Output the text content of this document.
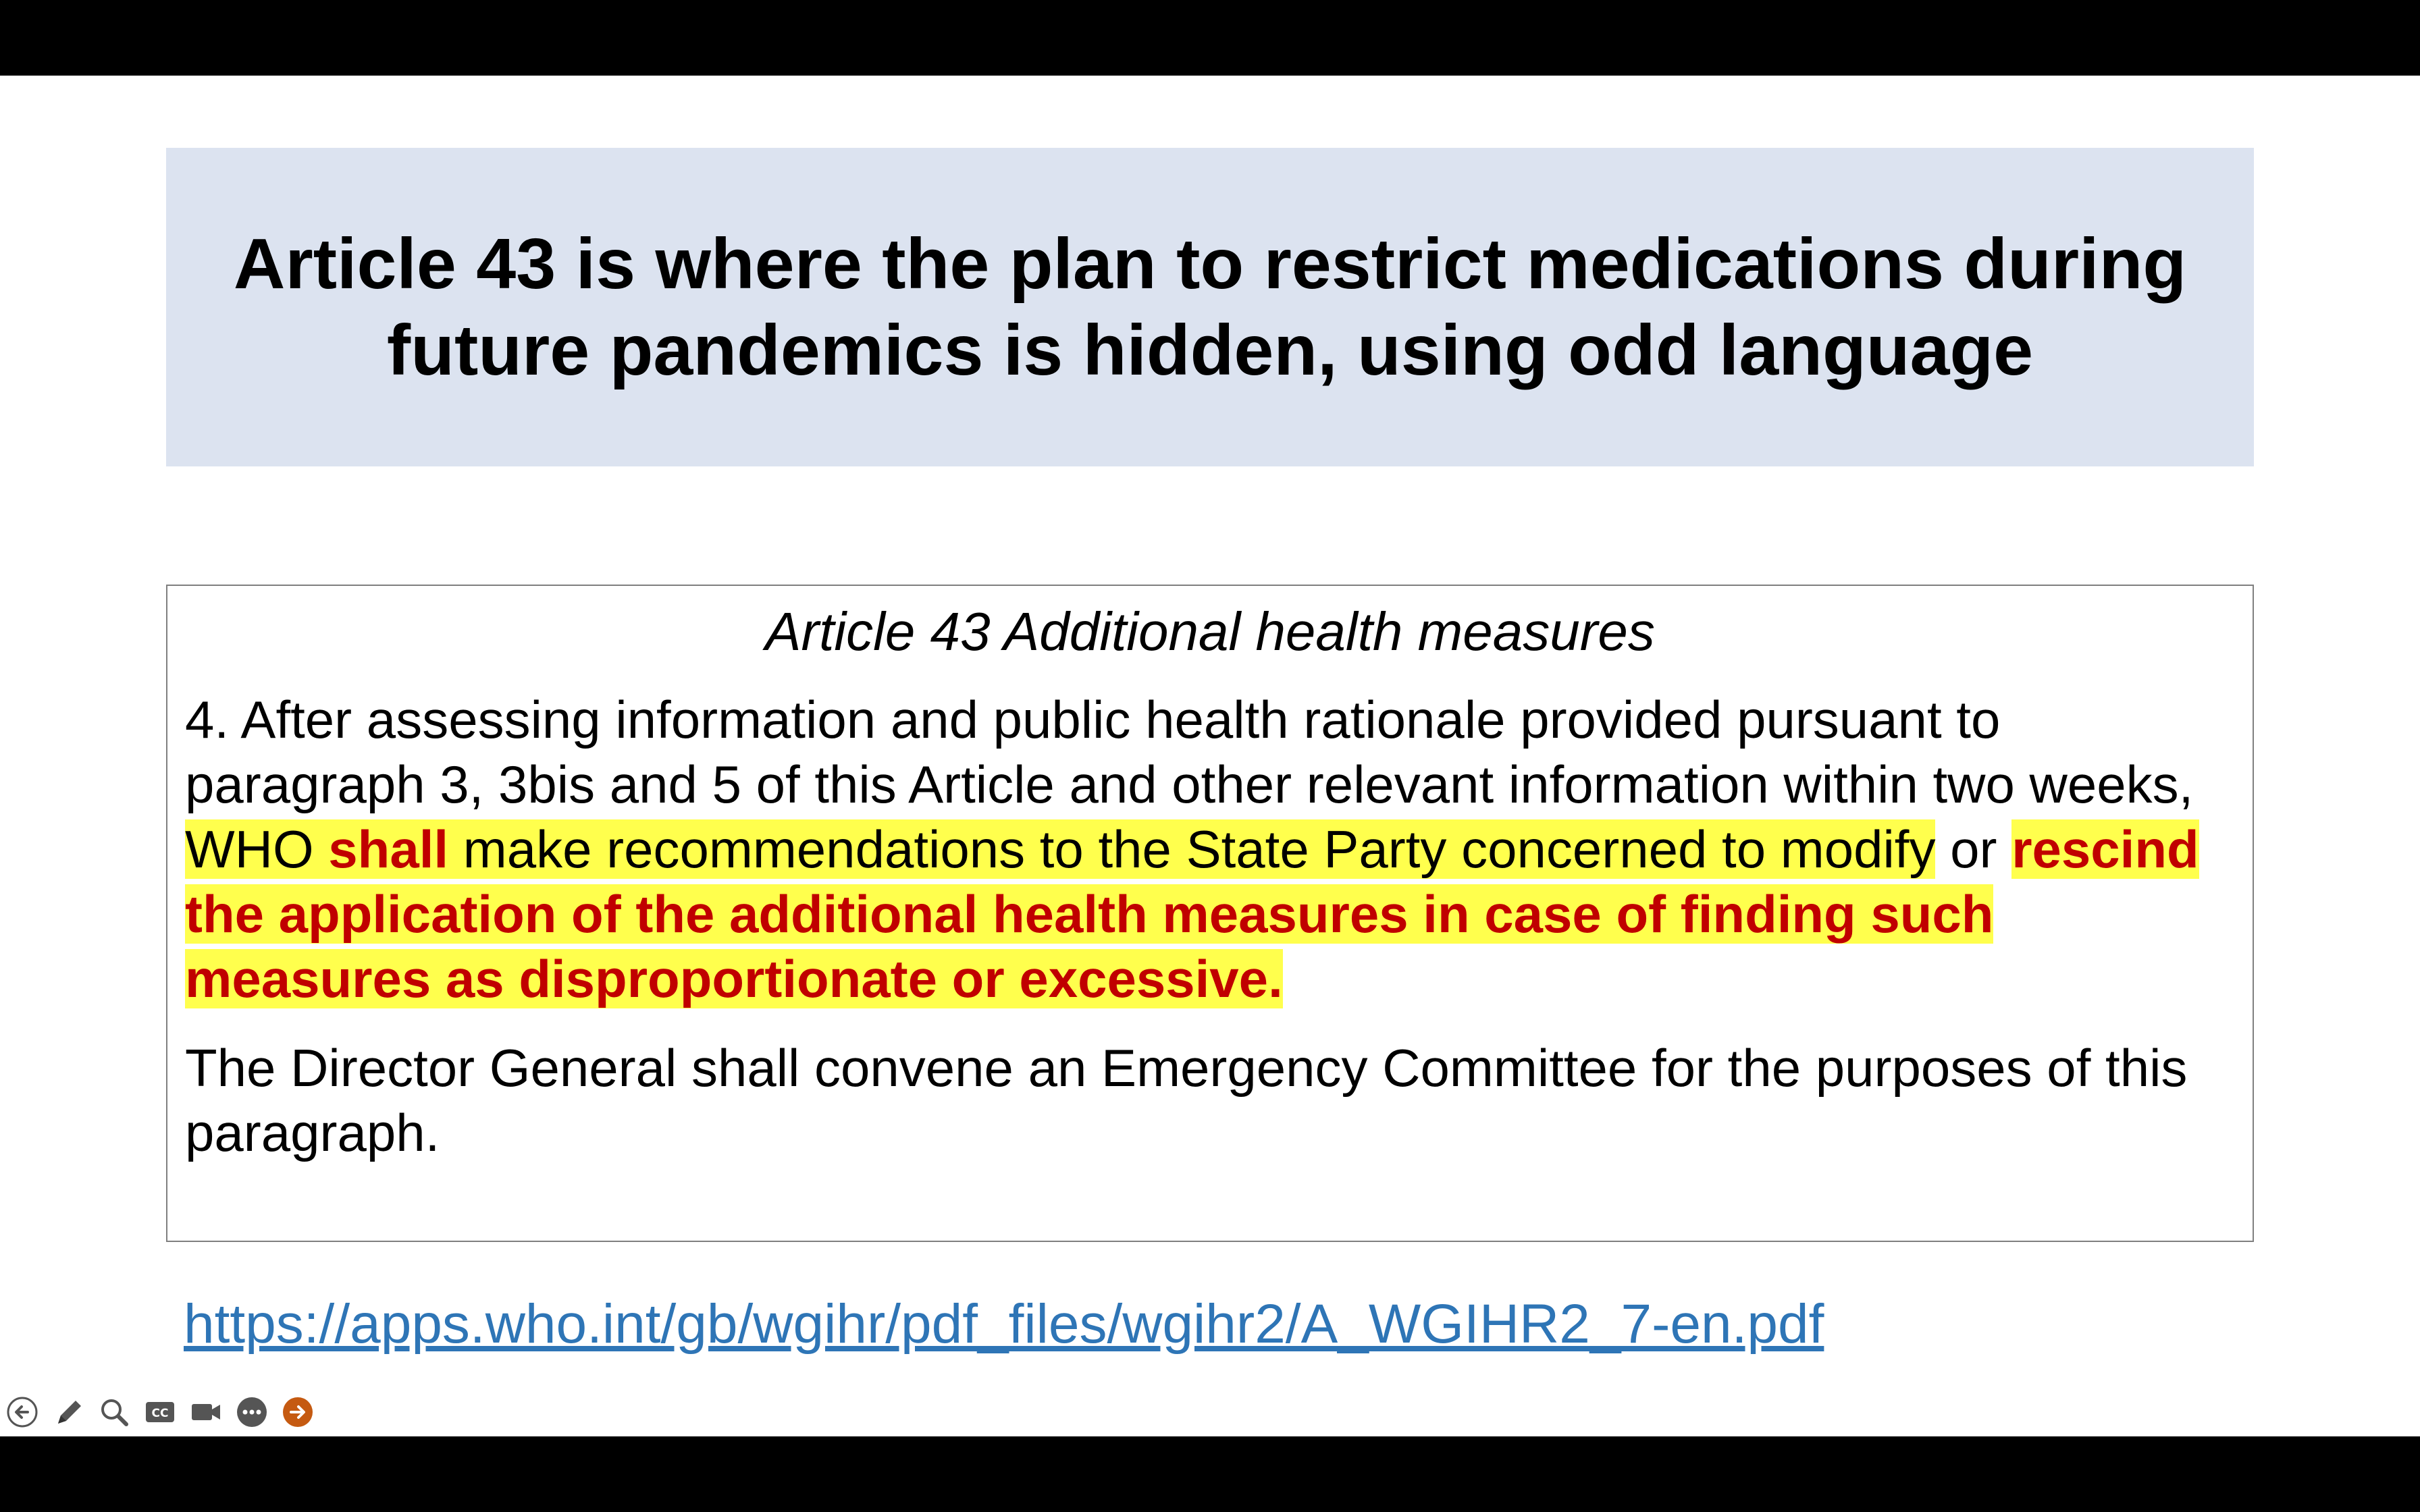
Article 43 is where the plan to restrict medications during future pandemics is hidden, using odd language
Article 43 Additional health measures
4. After assessing information and public health rationale provided pursuant to paragraph 3, 3bis and 5 of this Article and other relevant information within two weeks, WHO shall make recommendations to the State Party concerned to modify or rescind the application of the additional health measures in case of finding such measures as disproportionate or excessive.
The Director General shall convene an Emergency Committee for the purposes of this paragraph.
https://apps.who.int/gb/wgihr/pdf_files/wgihr2/A_WGIHR2_7-en.pdf
CC
